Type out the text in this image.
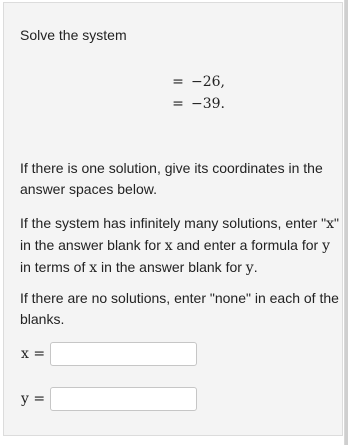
Solve the system

= −26,
= −39.

If there is one solution, give its coordinates in the answer spaces below.

If the system has infinitely many solutions, enter "x" in the answer blank for x and enter a formula for y in terms of x in the answer blank for y.

If there are no solutions, enter "none" in each of the blanks.

x =
y =
